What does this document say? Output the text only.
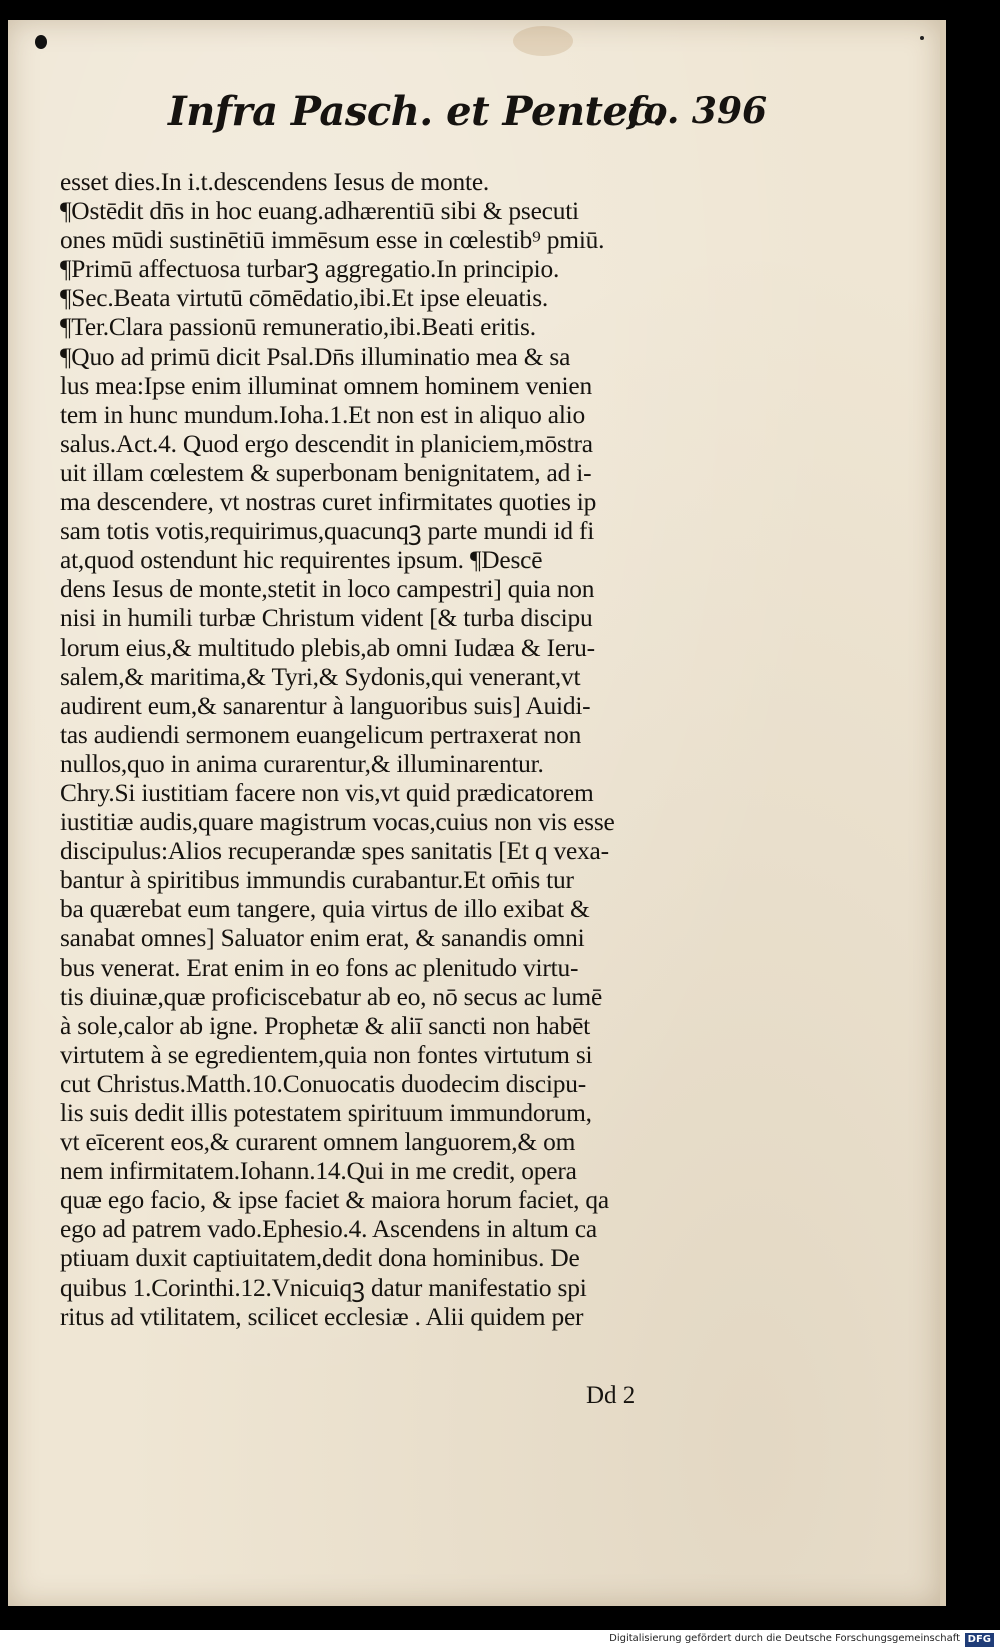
Infra Pasch. et Pentec.
fo. 396
esset dies.In i.t.descendens Iesus de monte.
¶Ostēdit dn̄s in hoc euang.adhærentiū sibi & psecuti
ones mūdi sustinētiū immēsum esse in cœlestib⁹ pmiū.
¶Primū affectuosa turbarꝫ aggregatio.In principio.
¶Sec.Beata virtutū cōmēdatio,ibi.Et ipse eleuatis.
¶Ter.Clara passionū remuneratio,ibi.Beati eritis.
¶Quo ad primū dicit Psal.Dn̄s illuminatio mea & sa
lus mea:Ipse enim illuminat omnem hominem venien
tem in hunc mundum.Ioha.1.Et non est in aliquo alio
salus.Act.4. Quod ergo descendit in planiciem,mōstra
uit illam cœlestem & superbonam benignitatem, ad i-
ma descendere, vt nostras curet infirmitates quoties ip
sam totis votis,requirimus,quacunqꝫ parte mundi id fi
at,quod ostendunt hic requirentes ipsum. ¶Descē
dens Iesus de monte,stetit in loco campestri] quia non
nisi in humili turbæ Christum vident [& turba discipu
lorum eius,& multitudo plebis,ab omni Iudæa & Ieru-
salem,& maritima,& Tyri,& Sydonis,qui venerant,vt
audirent eum,& sanarentur à languoribus suis] Auidi-
tas audiendi sermonem euangelicum pertraxerat non
nullos,quo in anima curarentur,& illuminarentur.
Chry.Si iustitiam facere non vis,vt quid prædicatorem
iustitiæ audis,quare magistrum vocas,cuius non vis esse
discipulus:Alios recuperandæ spes sanitatis [Et q vexa-
bantur à spiritibus immundis curabantur.Et om̄is tur
ba quærebat eum tangere, quia virtus de illo exibat &
sanabat omnes] Saluator enim erat, & sanandis omni
bus venerat. Erat enim in eo fons ac plenitudo virtu-
tis diuinæ,quæ proficiscebatur ab eo, nō secus ac lumē
à sole,calor ab igne. Prophetæ & aliī sancti non habēt
virtutem à se egredientem,quia non fontes virtutum si
cut Christus.Matth.10.Conuocatis duodecim discipu-
lis suis dedit illis potestatem spirituum immundorum,
vt eīcerent eos,& curarent omnem languorem,& om
nem infirmitatem.Iohann.14.Qui in me credit, opera
quæ ego facio, & ipse faciet & maiora horum faciet, qa
ego ad patrem vado.Ephesio.4. Ascendens in altum ca
ptiuam duxit captiuitatem,dedit dona hominibus. De
quibus 1.Corinthi.12.Vnicuiqꝫ datur manifestatio spi
ritus ad vtilitatem, scilicet ecclesiæ . Alii quidem per
Dd 2
Digitalisierung gefördert durch die Deutsche Forschungsgemeinschaft DFG
